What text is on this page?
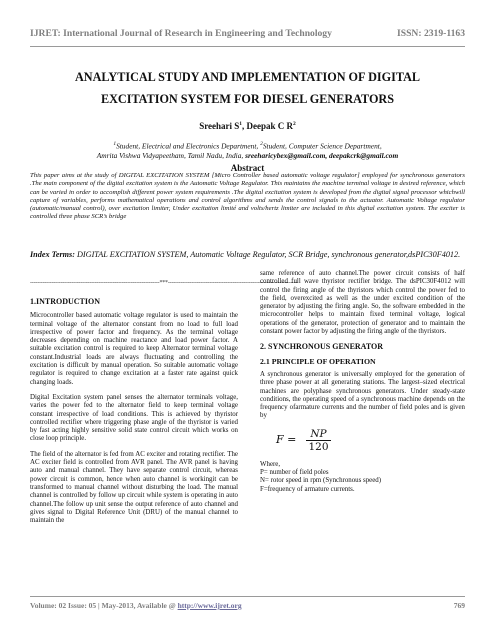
IJRET: International Journal of Research in Engineering and Technology	ISSN: 2319-1163
ANALYTICAL STUDY AND IMPLEMENTATION OF DIGITAL
EXCITATION SYSTEM FOR DIESEL GENERATORS
Sreehari $S^1$, Deepak C $R^2$
$^1$Student, Electrical and Electronics Department, $^2$Student, Computer Science Department,
Amrita Vishwa Vidyapeetham, Tamil Nadu, India, sreeharicybex@gmail.com, deepakcrk@gmail.com
Abstract
This paper aims at the study of DIGITAL EXCITATION SYSTEM [Micro Controller based automatic voltage regulator] employed for synchronous generators .The main component of the digital excitation system is the Automatic Voltage Regulator. This maintains the machine terminal voltage in desired reference, which can be varied in order to accomplish different power system requirements .The digital excitation system is developed from the digital signal processor whichwill capture of variables, performs mathematical operations and control algorithms and sends the control signals to the actuator. Automatic Voltage regulator (automatic/manual control), over excitation limiter, Under excitation limité and volts/hertz limiter are included in this digital excitation system. The exciter is controlled three phase SCR’s bridge
Index Terms: DIGITAL EXCITATION SYSTEM, Automatic Voltage Regulator, SCR Bridge, synchronous generator,dsPIC30F4012.
------------------------------------------------------------------------***------------------------------------------------------------------------
1.INTRODUCTION

Microcontroller based automatic voltage regulator is used to maintain the terminal voltage of the alternator constant from no load to full load irrespective of power factor and frequency. As the terminal voltage decreases depending on machine reactance and load power factor. A suitable excitation control is required to keep Alternator terminal voltage constant.Industrial loads are always fluctuating and controlling the excitation is difficult by manual operation. So suitable automatic voltage regulator is required to change excitation at a faster rate against quick changing loads.

Digital Excitation system panel senses the alternator terminals voltage, varies the power fed to the alternator field to keep terminal voltage constant irrespective of load conditions. This is achieved by thyristor controlled rectifier where triggering phase angle of the thyristor is varied by fast acting highly sensitive solid state control circuit which works on close loop principle.

The field of the alternator is fed from AC exciter and rotating rectifier. The AC exciter field is controlled from AVR panel. The AVR panel is having auto and manual channel. They have separate control circuit, whereas power circuit is common, hence when auto channel is workingit can be transformed to manual channel without disturbing the load. The manual channel is controlled by follow up circuit while system is operating in auto channel.The follow up unit sense the output reference of auto channel and gives signal to Digital Reference Unit (DRU) of the manual channel to maintain the

same reference of auto channel.The power circuit consists of half controlled full wave thyristor rectifier bridge. The dsPIC30F4012 will control the firing angle of the thyristors which control the power fed to the field, overexcited as well as the under excited condition of the generator by adjusting the firing angle. So, the software embedded in the microcontroller helps to maintain fixed terminal voltage, logical operations of the generator, protection of generator and to maintain the constant power factor by adjusting the firing angle of the thyristors.

2. SYNCHRONOUS GENERATOR
2.1 PRINCIPLE OF OPERATION

A synchronous generator is universally employed for the generation of three phase power at all generating stations. The largest–sized electrical machines are polyphase synchronous generators. Under steady-state conditions, the operating speed of a synchronous machine depends on the frequency ofarmature currents and the number of field poles and is given by

$F = \frac{NP}{120}$
Where,
P= number of field poles
N= rotor speed in rpm (Synchronous speed)
F=frequency of armature currents.
Volume: 02 Issue: 05 | May-2013, Available @ http://www.ijret.org	769
